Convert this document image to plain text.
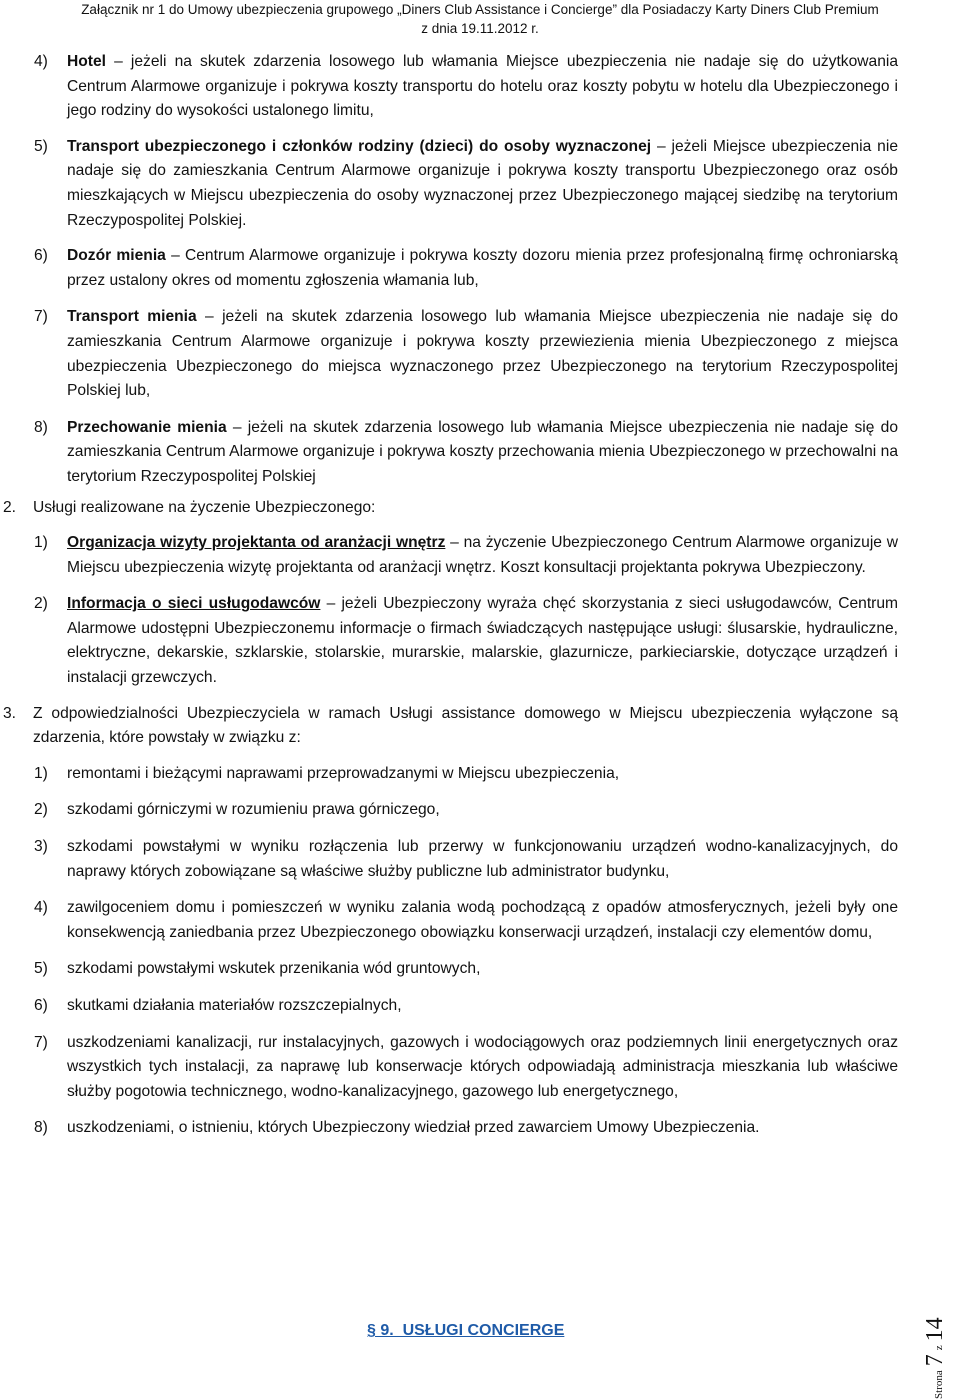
Załącznik nr 1 do Umowy ubezpieczenia grupowego „Diners Club Assistance i Concierge” dla Posiadaczy Karty Diners Club Premium
z dnia 19.11.2012 r.
4) Hotel – jeżeli na skutek zdarzenia losowego lub włamania Miejsce ubezpieczenia nie nadaje się do użytkowania Centrum Alarmowe organizuje i pokrywa koszty transportu do hotelu oraz koszty pobytu w hotelu dla Ubezpieczonego i jego rodziny do wysokości ustalonego limitu,
5) Transport ubezpieczonego i członków rodziny (dzieci) do osoby wyznaczonej – jeżeli Miejsce ubezpieczenia nie nadaje się do zamieszkania Centrum Alarmowe organizuje i pokrywa koszty transportu Ubezpieczonego oraz osób mieszkających w Miejscu ubezpieczenia do osoby wyznaczonej przez Ubezpieczonego mającej siedzibę na terytorium Rzeczypospolitej Polskiej.
6) Dozór mienia – Centrum Alarmowe organizuje i pokrywa koszty dozoru mienia przez profesjonalną firmę ochroniarską przez ustalony okres od momentu zgłoszenia włamania lub,
7) Transport mienia – jeżeli na skutek zdarzenia losowego lub włamania Miejsce ubezpieczenia nie nadaje się do zamieszkania Centrum Alarmowe organizuje i pokrywa koszty przewiezienia mienia Ubezpieczonego z miejsca ubezpieczenia Ubezpieczonego do miejsca wyznaczonego przez Ubezpieczonego na terytorium Rzeczypospolitej Polskiej lub,
8) Przechowanie mienia – jeżeli na skutek zdarzenia losowego lub włamania Miejsce ubezpieczenia nie nadaje się do zamieszkania Centrum Alarmowe organizuje i pokrywa koszty przechowania mienia Ubezpieczonego w przechowalni na terytorium Rzeczypospolitej Polskiej
2. Usługi realizowane na życzenie Ubezpieczonego:
1) Organizacja wizyty projektanta od aranżacji wnętrz – na życzenie Ubezpieczonego Centrum Alarmowe organizuje w Miejscu ubezpieczenia wizytę projektanta od aranżacji wnętrz. Koszt konsultacji projektanta pokrywa Ubezpieczony.
2) Informacja o sieci usługodawców – jeżeli Ubezpieczony wyraża chęć skorzystania z sieci usługodawców, Centrum Alarmowe udostępni Ubezpieczonemu informacje o firmach świadczących następujące usługi: ślusarskie, hydrauliczne, elektryczne, dekarskie, szklarskie, stolarskie, murarskie, malarskie, glazurnicze, parkieciarskie, dotyczące urządzeń i instalacji grzewczych.
3. Z odpowiedzialności Ubezpieczyciela w ramach Usługi assistance domowego w Miejscu ubezpieczenia wyłączone są zdarzenia, które powstały w związku z:
1) remontami i bieżącymi naprawami przeprowadzanymi w Miejscu ubezpieczenia,
2) szkodami górniczymi w rozumieniu prawa górniczego,
3) szkodami powstałymi w wyniku rozłączenia lub przerwy w funkcjonowaniu urządzeń wodno-kanalizacyjnych, do naprawy których zobowiązane są właściwe służby publiczne lub administrator budynku,
4) zawilgoceniem domu i pomieszczeń w wyniku zalania wodą pochodzącą z opadów atmosferycznych, jeżeli były one konsekwencją zaniedbania przez Ubezpieczonego obowiązku konserwacji urządzeń, instalacji czy elementów domu,
5) szkodami powstałymi wskutek przenikania wód gruntowych,
6) skutkami działania materiałów rozszczepialnych,
7) uszkodzeniami kanalizacji, rur instalacyjnych, gazowych i wodociągowych oraz podziemnych linii energetycznych oraz wszystkich tych instalacji, za naprawę lub konserwacje których odpowiadają administracja mieszkania lub właściwe służby pogotowia technicznego, wodno-kanalizacyjnego, gazowego lub energetycznego,
8) uszkodzeniami, o istnieniu, których Ubezpieczony wiedział przed zawarciem Umowy Ubezpieczenia.
§ 9.  USŁUGI CONCIERGE
Strona 7 z 14
